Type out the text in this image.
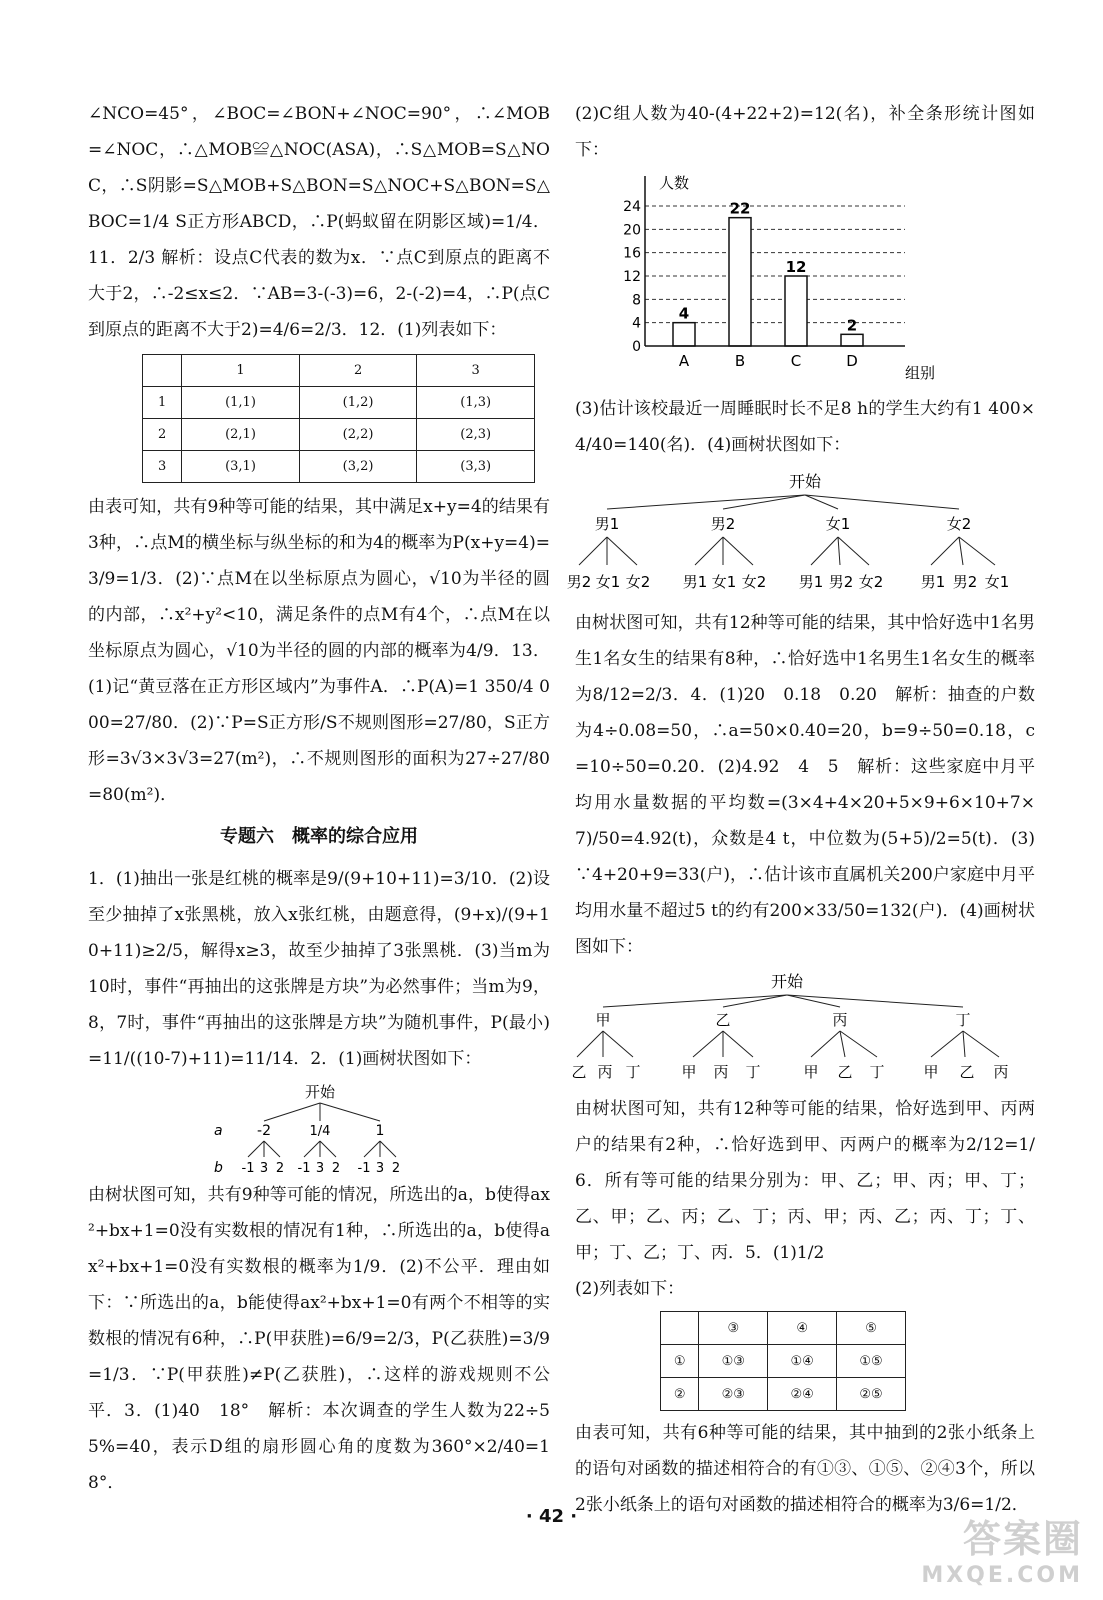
∠NCO=45°，∠BOC=∠BON+∠NOC=90°，∴∠MOB=∠NOC，∴△MOB≌△NOC(ASA)，∴S△MOB=S△NOC，∴S阴影=S△MOB+S△BON=S△NOC+S△BON=S△BOC=1/4 S正方形ABCD，∴P(蚂蚁留在阴影区域)=1/4．11．2/3 解析：设点C代表的数为x．∵点C到原点的距离不大于2，∴-2≤x≤2．∵AB=3-(-3)=6，2-(-2)=4，∴P(点C到原点的距离不大于2)=4/6=2/3．12．(1)列表如下：

	1	2	3
1	(1,1)	(1,2)	(1,3)
2	(2,1)	(2,2)	(2,3)
3	(3,1)	(3,2)	(3,3)

由表可知，共有9种等可能的结果，其中满足x+y=4的结果有3种，∴点M的横坐标与纵坐标的和为4的概率为P(x+y=4)=3/9=1/3．(2)∵点M在以坐标原点为圆心，√10为半径的圆的内部，∴x²+y²<10，满足条件的点M有4个，∴点M在以坐标原点为圆心，√10为半径的圆的内部的概率为4/9．13．(1)记“黄豆落在正方形区域内”为事件A．∴P(A)=1 350/4 000=27/80．(2)∵P=S正方形/S不规则图形=27/80，S正方形=3√3×3√3=27(m²)，∴不规则图形的面积为27÷27/80=80(m²)．

专题六　概率的综合应用

1．(1)抽出一张是红桃的概率是9/(9+10+11)=3/10．(2)设至少抽掉了x张黑桃，放入x张红桃，由题意得，(9+x)/(9+10+11)≥2/5，解得x≥3，故至少抽掉了3张黑桃．(3)当m为10时，事件“再抽出的这张牌是方块”为必然事件；当m为9，8，7时，事件“再抽出的这张牌是方块”为随机事件，P(最小)=11/((10-7)+11)=11/14．2．(1)画树状图如下：

开始
a -2	1/4	1
b -1 3 2 -1 3 2 -1 3 2

由树状图可知，共有9种等可能的情况，所选出的a，b使得ax²+bx+1=0没有实数根的情况有1种，∴所选出的a，b使得ax²+bx+1=0没有实数根的概率为1/9．(2)不公平．理由如下：∵所选出的a，b能使得ax²+bx+1=0有两个不相等的实数根的情况有6种，∴P(甲获胜)=6/9=2/3，P(乙获胜)=3/9=1/3．∵P(甲获胜)≠P(乙获胜)，∴这样的游戏规则不公平．3．(1)40　18°　解析：本次调查的学生人数为22÷55%=40，表示D组的扇形圆心角的度数为360°×2/40=18°．

(2)C组人数为40-(4+22+2)=12(名)，补全条形统计图如下：

4
22
12
2
0
4
8
12
16
20
24
A	B	C	D
人数
组别

(3)估计该校最近一周睡眠时长不足8 h的学生大约有1 400×4/40=140(名)．(4)画树状图如下：

开始
男1	男2	女1	女2
男2 女1 女2 男1 女1 女2 男1 男2 女2 男1 男2 女1

由树状图可知，共有12种等可能的结果，其中恰好选中1名男生1名女生的结果有8种，∴恰好选中1名男生1名女生的概率为8/12=2/3．4．(1)20　0.18　0.20　解析：抽查的户数为4÷0.08=50，∴a=50×0.40=20，b=9÷50=0.18，c=10÷50=0.20．(2)4.92　4　5　解析：这些家庭中月平均用水量数据的平均数=(3×4+4×20+5×9+6×10+7×7)/50=4.92(t)，众数是4 t，中位数为(5+5)/2=5(t)．(3)∵4+20+9=33(户)，∴估计该市直属机关200户家庭中月平均用水量不超过5 t的约有200×33/50=132(户)．(4)画树状图如下：

开始
甲	乙	丙	丁
乙 丙 丁	甲 丙 丁	甲 乙 丁	甲 乙 丙

由树状图可知，共有12种等可能的结果，恰好选到甲、丙两户的结果有2种，∴恰好选到甲、丙两户的概率为2/12=1/6．所有等可能的结果分别为：甲、乙；甲、丙；甲、丁；乙、甲；乙、丙；乙、丁；丙、甲；丙、乙；丙、丁；丁、甲；丁、乙；丁、丙．5．(1)1/2

(2)列表如下：

	③	④	⑤
①	①③	①④	①⑤
②	②③	②④	②⑤

由表可知，共有6种等可能的结果，其中抽到的2张小纸条上的语句对函数的描述相符合的有①③、①⑤、②④3个，所以2张小纸条上的语句对函数的描述相符合的概率为3/6=1/2．

· 42 ·
答案圈
MXQE.COM
